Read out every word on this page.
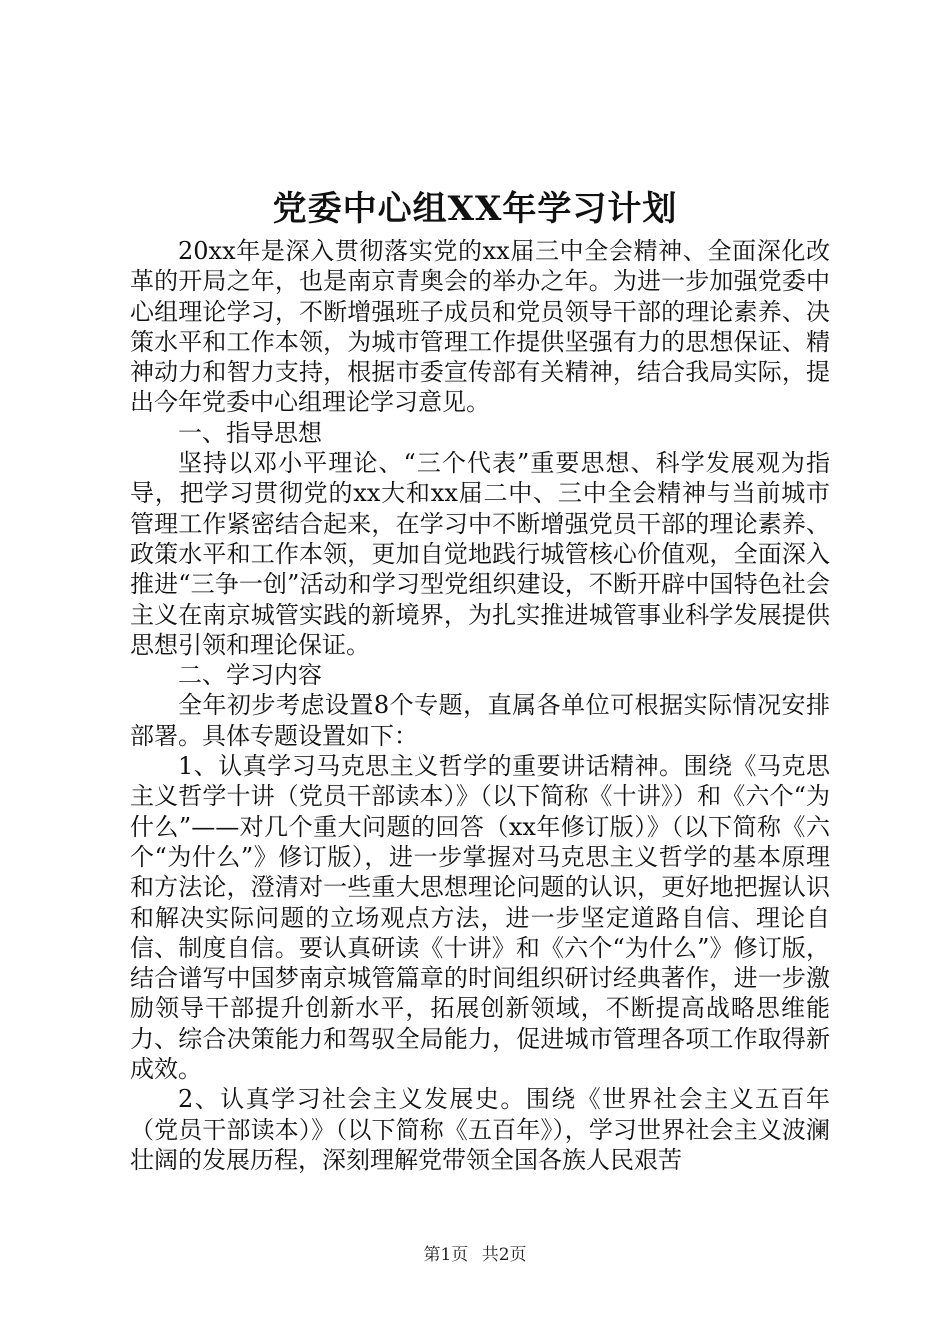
党委中心组XX年学习计划

20xx年是深入贯彻落实党的xx届三中全会精神、全面深化改革的开局之年，也是南京青奥会的举办之年。为进一步加强党委中心组理论学习，不断增强班子成员和党员领导干部的理论素养、决策水平和工作本领，为城市管理工作提供坚强有力的思想保证、精神动力和智力支持，根据市委宣传部有关精神，结合我局实际，提出今年党委中心组理论学习意见。

一、指导思想

坚持以邓小平理论、“三个代表”重要思想、科学发展观为指导，把学习贯彻党的xx大和xx届二中、三中全会精神与当前城市管理工作紧密结合起来，在学习中不断增强党员干部的理论素养、政策水平和工作本领，更加自觉地践行城管核心价值观，全面深入推进“三争一创”活动和学习型党组织建设，不断开辟中国特色社会主义在南京城管实践的新境界，为扎实推进城管事业科学发展提供思想引领和理论保证。

二、学习内容

全年初步考虑设置8个专题，直属各单位可根据实际情况安排部署。具体专题设置如下：

1、认真学习马克思主义哲学的重要讲话精神。围绕《马克思主义哲学十讲（党员干部读本）》（以下简称《十讲》）和《六个“为什么”——对几个重大问题的回答（xx年修订版）》（以下简称《六个“为什么”》修订版），进一步掌握对马克思主义哲学的基本原理和方法论，澄清对一些重大思想理论问题的认识，更好地把握认识和解决实际问题的立场观点方法，进一步坚定道路自信、理论自信、制度自信。要认真研读《十讲》和《六个“为什么”》修订版，结合谱写中国梦南京城管篇章的时间组织研讨经典著作，进一步激励领导干部提升创新水平，拓展创新领域，不断提高战略思维能力、综合决策能力和驾驭全局能力，促进城市管理各项工作取得新成效。

2、认真学习社会主义发展史。围绕《世界社会主义五百年（党员干部读本）》（以下简称《五百年》），学习世界社会主义波澜壮阔的发展历程，深刻理解党带领全国各族人民艰苦

第1页 共2页
